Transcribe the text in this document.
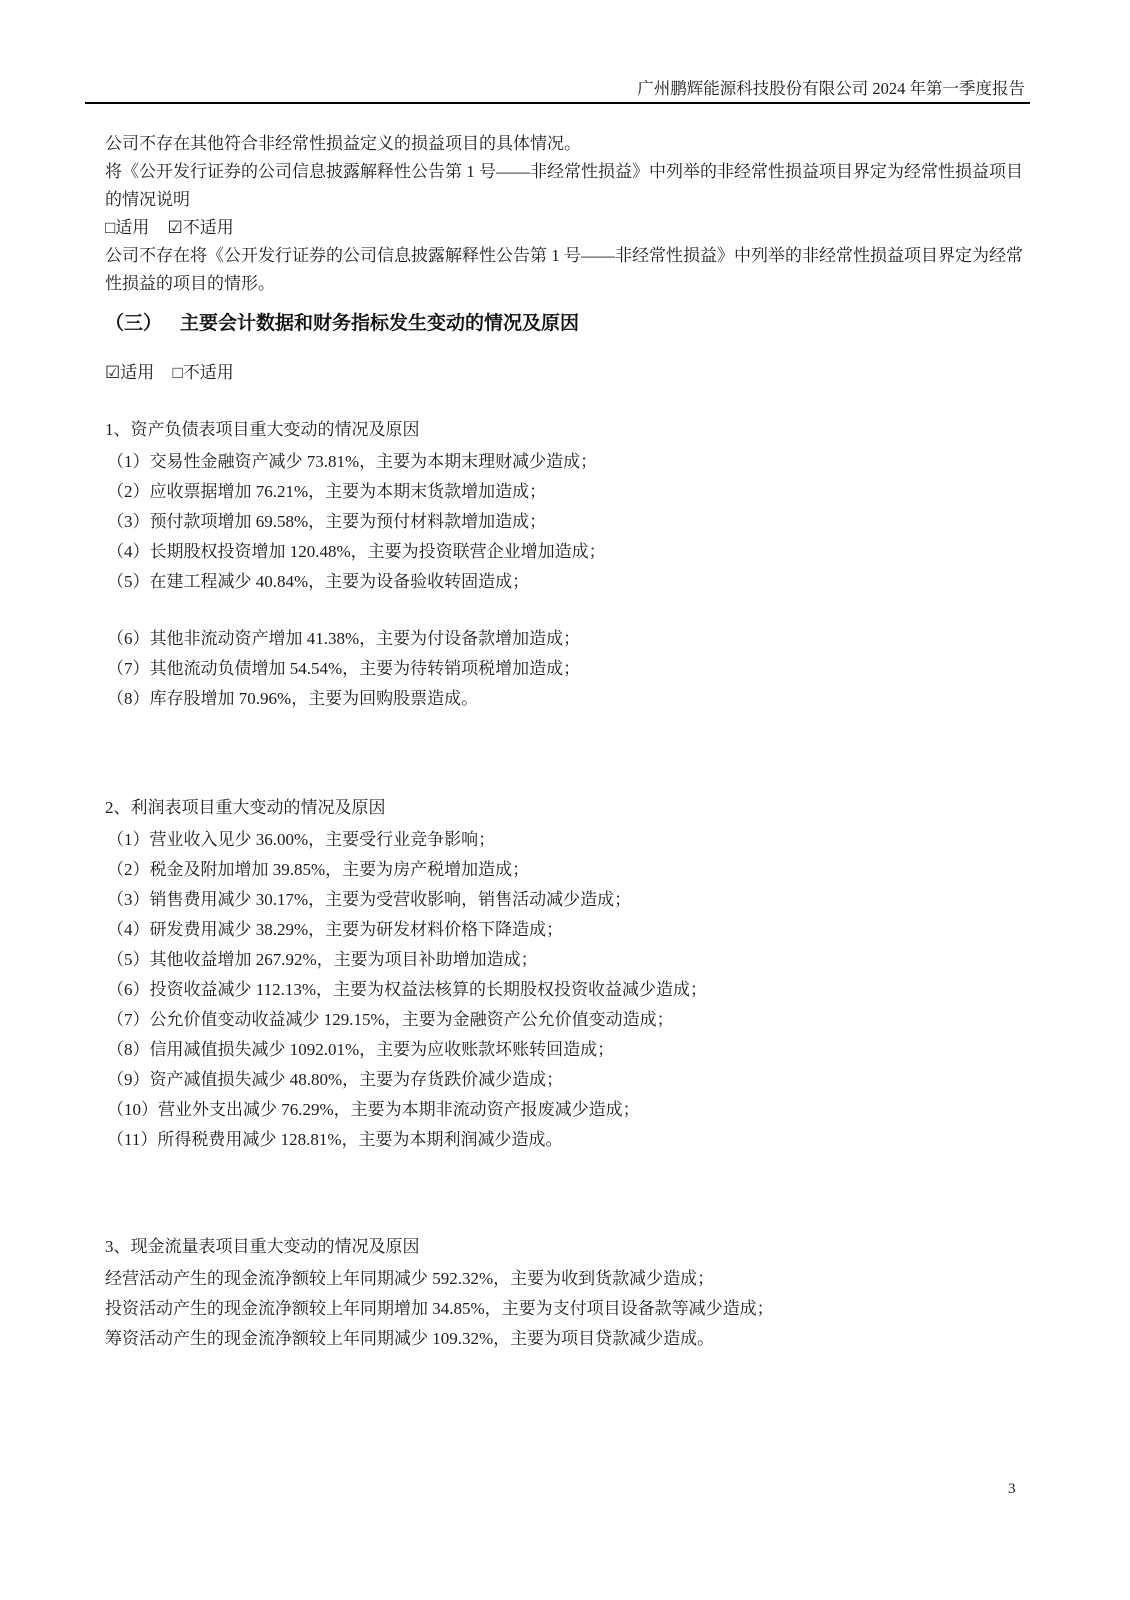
广州鹏辉能源科技股份有限公司 2024 年第一季度报告

公司不存在其他符合非经常性损益定义的损益项目的具体情况。

将《公开发行证券的公司信息披露解释性公告第 1 号——非经常性损益》中列举的非经常性损益项目界定为经常性损益项目的情况说明

□适用 ☑不适用

公司不存在将《公开发行证券的公司信息披露解释性公告第 1 号——非经常性损益》中列举的非经常性损益项目界定为经常性损益的项目的情形。

（三） 主要会计数据和财务指标发生变动的情况及原因
☑适用 □不适用
1、资产负债表项目重大变动的情况及原因
（1）交易性金融资产减少 73.81%，主要为本期末理财减少造成；
（2）应收票据增加 76.21%，主要为本期末货款增加造成；
（3）预付款项增加 69.58%，主要为预付材料款增加造成；
（4）长期股权投资增加 120.48%，主要为投资联营企业增加造成；
（5）在建工程减少 40.84%，主要为设备验收转固造成；
（6）其他非流动资产增加 41.38%，主要为付设备款增加造成；
（7）其他流动负债增加 54.54%，主要为待转销项税增加造成；
（8）库存股增加 70.96%，主要为回购股票造成。
2、利润表项目重大变动的情况及原因
（1）营业收入见少 36.00%，主要受行业竞争影响；
（2）税金及附加增加 39.85%，主要为房产税增加造成；
（3）销售费用减少 30.17%，主要为受营收影响，销售活动减少造成；
（4）研发费用减少 38.29%，主要为研发材料价格下降造成；
（5）其他收益增加 267.92%，主要为项目补助增加造成；
（6）投资收益减少 112.13%，主要为权益法核算的长期股权投资收益减少造成；
（7）公允价值变动收益减少 129.15%，主要为金融资产公允价值变动造成；
（8）信用减值损失减少 1092.01%，主要为应收账款坏账转回造成；
（9）资产减值损失减少 48.80%，主要为存货跌价减少造成；
（10）营业外支出减少 76.29%，主要为本期非流动资产报废减少造成；
（11）所得税费用减少 128.81%，主要为本期利润减少造成。
3、现金流量表项目重大变动的情况及原因
经营活动产生的现金流净额较上年同期减少 592.32%，主要为收到货款减少造成；
投资活动产生的现金流净额较上年同期增加 34.85%，主要为支付项目设备款等减少造成；
筹资活动产生的现金流净额较上年同期减少 109.32%，主要为项目贷款减少造成。
3
